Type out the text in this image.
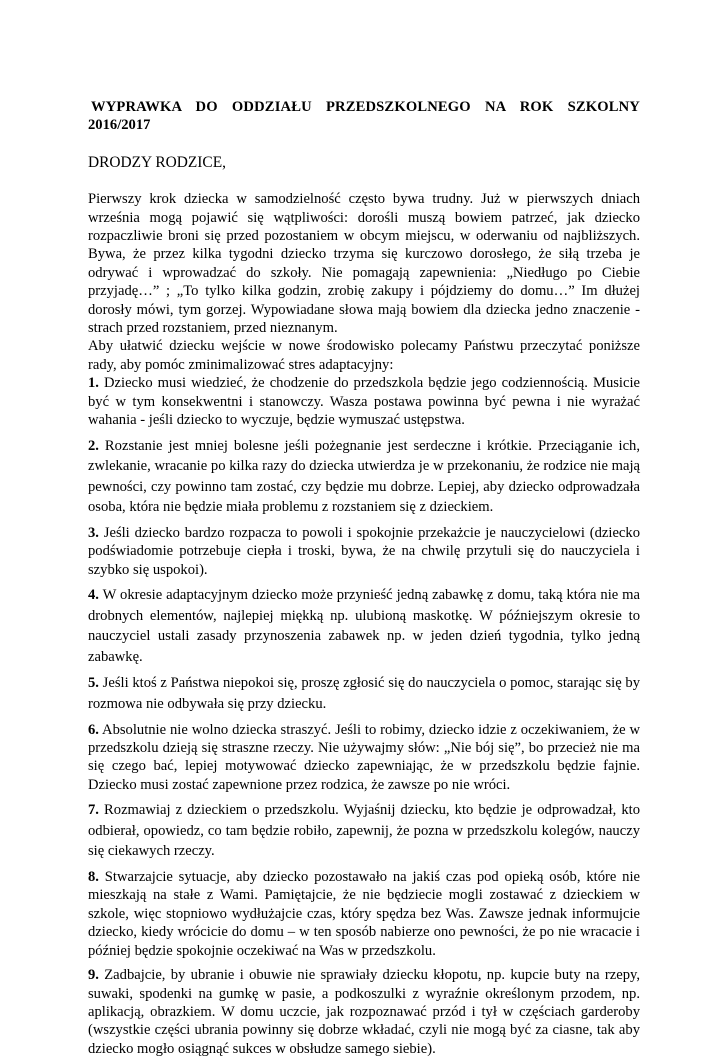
WYPRAWKA DO ODDZIAŁU PRZEDSZKOLNEGO NA ROK SZKOLNY

2016/2017

DRODZY RODZICE,

Pierwszy krok dziecka w samodzielność często bywa trudny. Już w pierwszych dniach września mogą pojawić się wątpliwości: dorośli muszą bowiem patrzeć, jak dziecko rozpaczliwie broni się przed pozostaniem w obcym miejscu, w oderwaniu od najbliższych. Bywa, że przez kilka tygodni dziecko trzyma się kurczowo dorosłego, że siłą trzeba je odrywać i wprowadzać do szkoły. Nie pomagają zapewnienia: „Niedługo po Ciebie przyjadę…” ; „To tylko kilka godzin, zrobię zakupy i pójdziemy do domu…” Im dłużej dorosły mówi, tym gorzej. Wypowiadane słowa mają bowiem dla dziecka jedno znaczenie - strach przed rozstaniem, przed nieznanym.

Aby ułatwić dziecku wejście w nowe środowisko polecamy Państwu przeczytać poniższe rady, aby pomóc zminimalizować stres adaptacyjny:

1. Dziecko musi wiedzieć, że chodzenie do przedszkola będzie jego codziennością. Musicie być w tym konsekwentni i stanowczy. Wasza postawa powinna być pewna i nie wyrażać wahania - jeśli dziecko to wyczuje, będzie wymuszać ustępstwa.
2. Rozstanie jest mniej bolesne jeśli pożegnanie jest serdeczne i krótkie. Przeciąganie ich, zwlekanie, wracanie po kilka razy do dziecka utwierdza je w przekonaniu, że rodzice nie mają pewności, czy powinno tam zostać, czy będzie mu dobrze. Lepiej, aby dziecko odprowadzała osoba, która nie będzie miała problemu z rozstaniem się z dzieckiem.
3. Jeśli dziecko bardzo rozpacza to powoli i spokojnie przekażcie je nauczycielowi (dziecko podświadomie potrzebuje ciepła i troski, bywa, że na chwilę przytuli się do nauczyciela i szybko się uspokoi).
4. W okresie adaptacyjnym dziecko może przynieść jedną zabawkę z domu, taką która nie ma drobnych elementów, najlepiej miękką np. ulubioną maskotkę. W późniejszym okresie to nauczyciel ustali zasady przynoszenia zabawek np. w jeden dzień tygodnia, tylko jedną zabawkę.
5. Jeśli ktoś z Państwa niepokoi się, proszę zgłosić się do nauczyciela o pomoc, starając się by rozmowa nie odbywała się przy dziecku.
6. Absolutnie nie wolno dziecka straszyć. Jeśli to robimy, dziecko idzie z oczekiwaniem, że w przedszkolu dzieją się straszne rzeczy. Nie używajmy słów: „Nie bój się”, bo przecież nie ma się czego bać, lepiej motywować dziecko zapewniając, że w przedszkolu będzie fajnie. Dziecko musi zostać zapewnione przez rodzica, że zawsze po nie wróci.
7. Rozmawiaj z dzieckiem o przedszkolu. Wyjaśnij dziecku, kto będzie je odprowadzał, kto odbierał, opowiedz, co tam będzie robiło, zapewnij, że pozna w przedszkolu kolegów, nauczy się ciekawych rzeczy.
8. Stwarzajcie sytuacje, aby dziecko pozostawało na jakiś czas pod opieką osób, które nie mieszkają na stałe z Wami. Pamiętajcie, że nie będziecie mogli zostawać z dzieckiem w szkole, więc stopniowo wydłużajcie czas, który spędza bez Was. Zawsze jednak informujcie dziecko, kiedy wrócicie do domu – w ten sposób nabierze ono pewności, że po nie wracacie i później będzie spokojnie oczekiwać na Was w przedszkolu.
9. Zadbajcie, by ubranie i obuwie nie sprawiały dziecku kłopotu, np. kupcie buty na rzepy, suwaki, spodenki na gumkę w pasie, a podkoszulki z wyraźnie określonym przodem, np. aplikacją, obrazkiem. W domu uczcie, jak rozpoznawać przód i tył w częściach garderoby (wszystkie części ubrania powinny się dobrze wkładać, czyli nie mogą być za ciasne, tak aby dziecko mogło osiągnąć sukces w obsłudze samego siebie).
